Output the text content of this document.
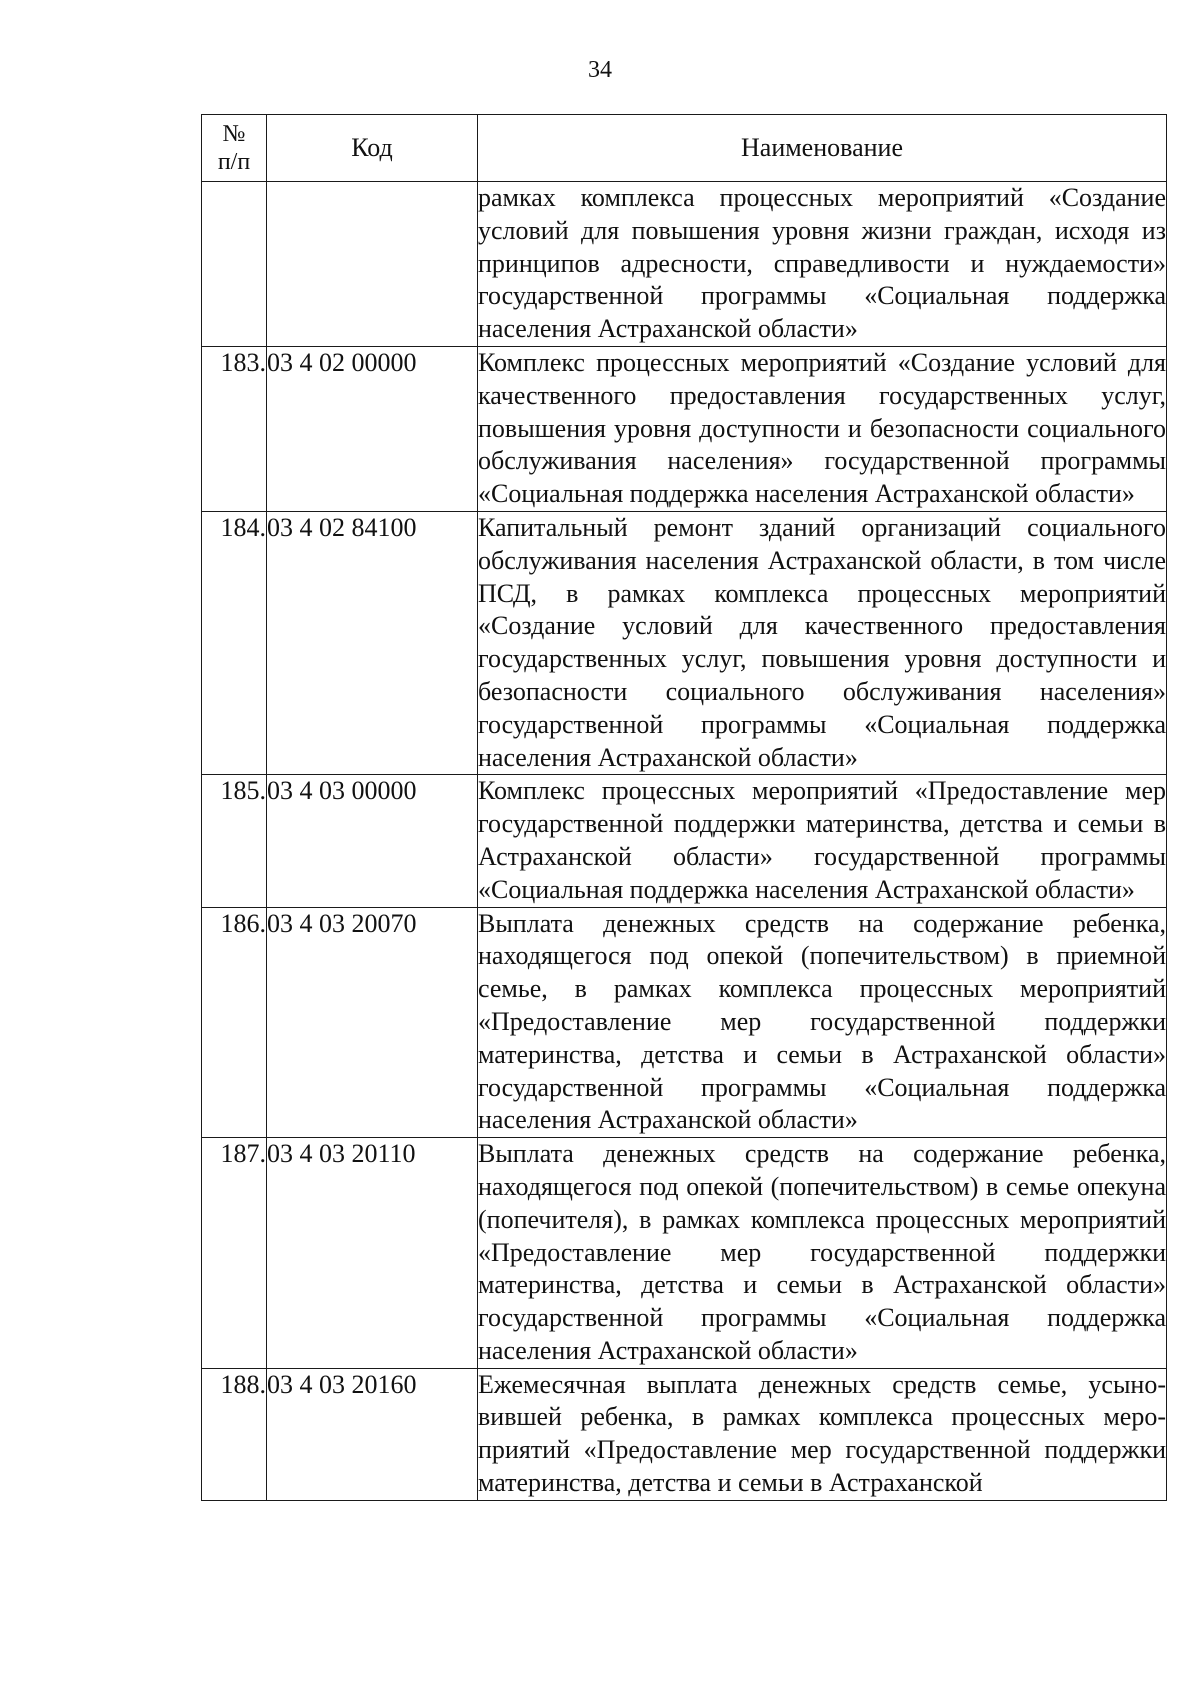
34
№
п/п	Код	Наименование
		рамках комплекса процессных мероприятий «Создание условий для повышения уровня жизни граждан, исходя из принципов адресности, справедливости и нуждаемости» государственной программы «Социальная поддержка населения Астраханской области»
183.	03 4 02 00000	Комплекс процессных мероприятий «Создание условий для качественного предоставления государственных услуг, повышения уровня доступности и безопасности социального обслуживания населения» государственной программы «Социальная поддержка населения Астраханской области»
184.	03 4 02 84100	Капитальный ремонт зданий организаций социального обслуживания населения Астраханской области, в том числе ПСД, в рамках комплекса процессных мероприятий «Создание условий для качественного предоставления государственных услуг, повышения уровня доступности и безопасности социального обслуживания населения» государственной программы «Социальная поддержка населения Астраханской области»
185.	03 4 03 00000	Комплекс процессных мероприятий «Предоставление мер государственной поддержки материнства, детства и семьи в Астраханской области» государственной программы «Социальная поддержка населения Астраханской области»
186.	03 4 03 20070	Выплата денежных средств на содержание ребенка, находящегося под опекой (попечительством) в приемной семье, в рамках комплекса процессных мероприятий «Предоставление мер государственной поддержки материнства, детства и семьи в Астраханской области» государственной программы «Социальная поддержка населения Астраханской области»
187.	03 4 03 20110	Выплата денежных средств на содержание ребенка, находящегося под опекой (попечительством) в семье опекуна (попечителя), в рамках комплекса процессных мероприятий «Предоставление мер государственной поддержки материнства, детства и семьи в Астраханской области» государственной программы «Социальная поддержка населения Астраханской области»
188.	03 4 03 20160	Ежемесячная выплата денежных средств семье, усыновившей ребенка, в рамках комплекса процессных мероприятий «Предоставление мер государственной поддержки материнства, детства и семьи в Астраханской
